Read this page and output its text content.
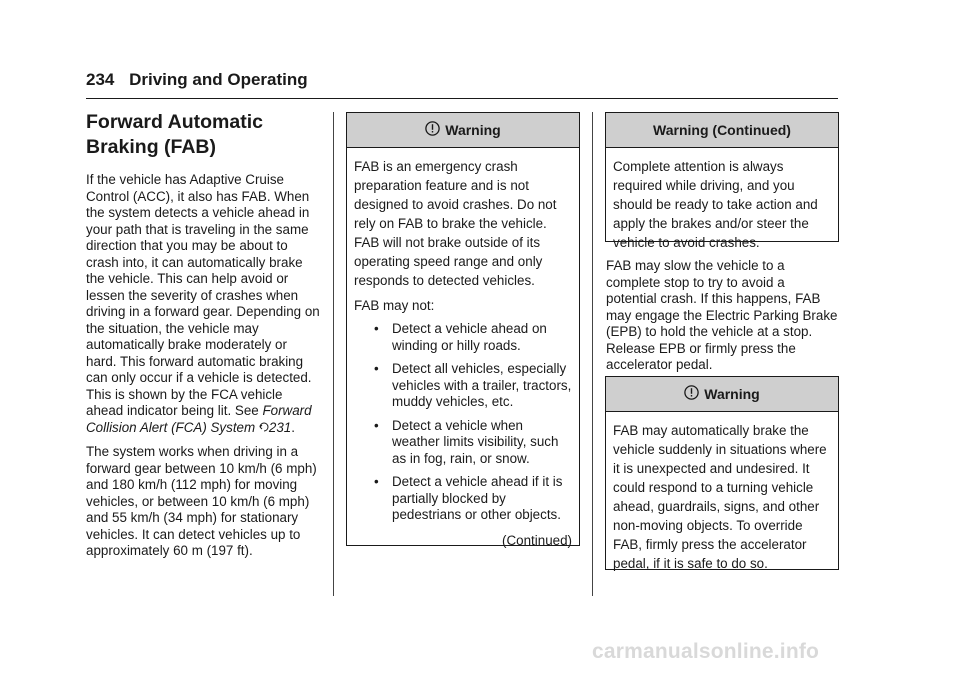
234 Driving and Operating
Forward Automatic Braking (FAB)

If the vehicle has Adaptive Cruise Control (ACC), it also has FAB. When the system detects a vehicle ahead in your path that is traveling in the same direction that you may be about to crash into, it can automatically brake the vehicle. This can help avoid or lessen the severity of crashes when driving in a forward gear. Depending on the situation, the vehicle may automatically brake moderately or hard. This forward automatic braking can only occur if a vehicle is detected. This is shown by the FCA vehicle ahead indicator being lit. See Forward Collision Alert (FCA) System 231.

The system works when driving in a forward gear between 10 km/h (6 mph) and 180 km/h (112 mph) for moving vehicles, or between 10 km/h (6 mph) and 55 km/h (34 mph) for stationary vehicles. It can detect vehicles up to approximately 60 m (197 ft).

Warning

FAB is an emergency crash preparation feature and is not designed to avoid crashes. Do not rely on FAB to brake the vehicle. FAB will not brake outside of its operating speed range and only responds to detected vehicles.

FAB may not:

• Detect a vehicle ahead on winding or hilly roads.
• Detect all vehicles, especially vehicles with a trailer, tractors, muddy vehicles, etc.
• Detect a vehicle when weather limits visibility, such as in fog, rain, or snow.
• Detect a vehicle ahead if it is partially blocked by pedestrians or other objects.
(Continued)
Warning (Continued)

Complete attention is always required while driving, and you should be ready to take action and apply the brakes and/or steer the vehicle to avoid crashes.

FAB may slow the vehicle to a complete stop to try to avoid a potential crash. If this happens, FAB may engage the Electric Parking Brake (EPB) to hold the vehicle at a stop. Release EPB or firmly press the accelerator pedal.
Warning

FAB may automatically brake the vehicle suddenly in situations where it is unexpected and undesired. It could respond to a turning vehicle ahead, guardrails, signs, and other non-moving objects. To override FAB, firmly press the accelerator pedal, if it is safe to do so.

carmanualsonline.info
